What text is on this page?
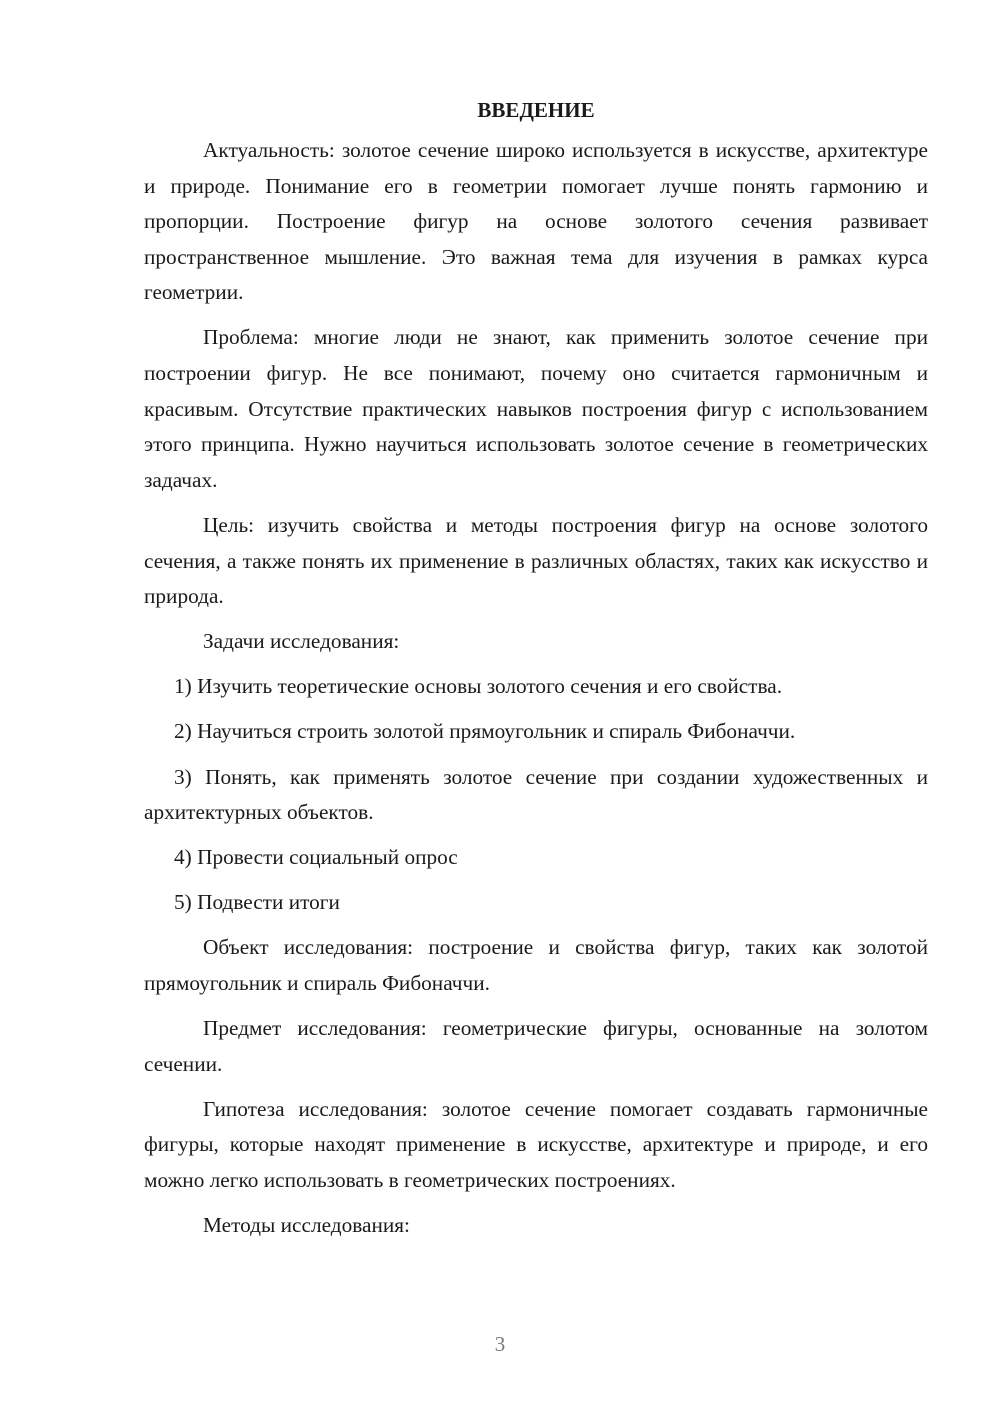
ВВЕДЕНИЕ

Актуальность: золотое сечение широко используется в искусстве, архитектуре и природе. Понимание его в геометрии помогает лучше понять гармонию и пропорции. Построение фигур на основе золотого сечения развивает пространственное мышление. Это важная тема для изучения в рамках курса геометрии.

Проблема: многие люди не знают, как применить золотое сечение при построении фигур. Не все понимают, почему оно считается гармоничным и красивым. Отсутствие практических навыков построения фигур с использованием этого принципа. Нужно научиться использовать золотое сечение в геометрических задачах.

Цель: изучить свойства и методы построения фигур на основе золотого сечения, а также понять их применение в различных областях, таких как искусство и природа.

Задачи исследования:

1) Изучить теоретические основы золотого сечения и его свойства.

2) Научиться строить золотой прямоугольник и спираль Фибоначчи.

3) Понять, как применять золотое сечение при создании художественных и архитектурных объектов.

4) Провести социальный опрос

5) Подвести итоги

Объект исследования: построение и свойства фигур, таких как золотой прямоугольник и спираль Фибоначчи.

Предмет исследования: геометрические фигуры, основанные на золотом сечении.

Гипотеза исследования: золотое сечение помогает создавать гармоничные фигуры, которые находят применение в искусстве, архитектуре и природе, и его можно легко использовать в геометрических построениях.

Методы исследования:

3
